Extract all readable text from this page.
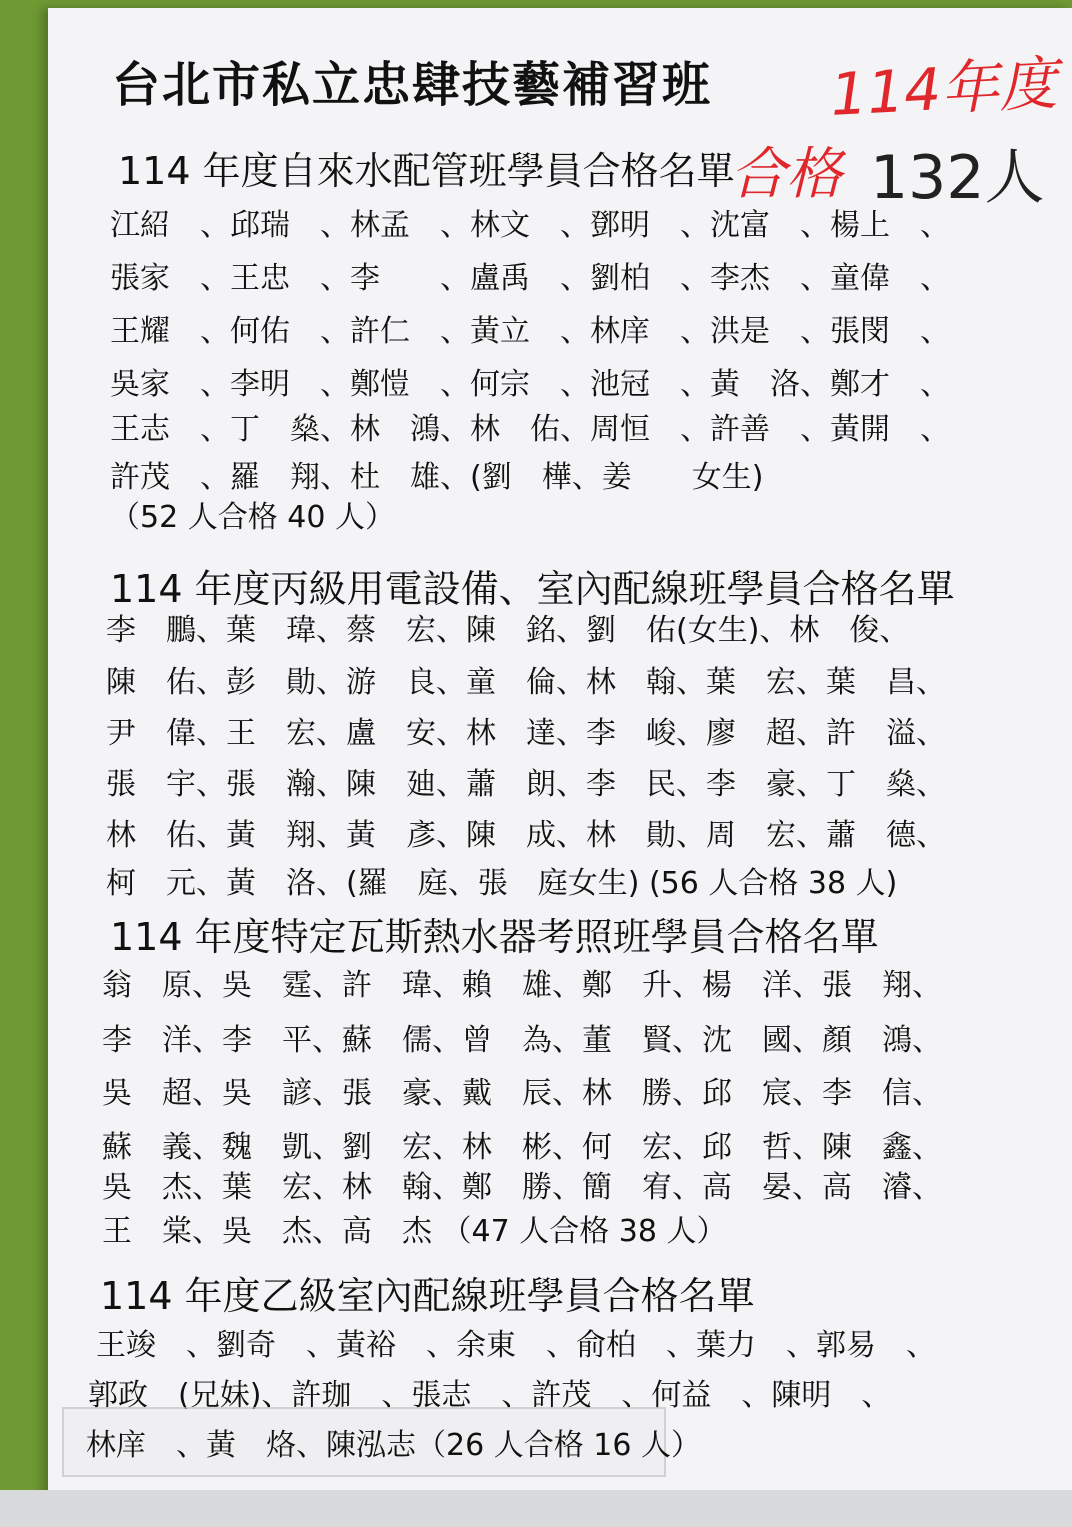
台北市私立忠肆技藝補習班 114年度
合格 132人
114 年度自來水配管班學員合格名單
江紹　、邱瑞　、林孟　、林文　、鄧明　、沈富　、楊上　、
張家　、王忠　、李　　、盧禹　、劉柏　、李杰　、童偉　、
王耀　、何佑　、許仁　、黃立　、林庠　、洪是　、張閔　、
吳家　、李明　、鄭愷　、何宗　、池冠　、黃　洛、鄭才　、
王志　、丁　燊、林　鴻、林　佑、周恒　、許善　、黃開　、
許茂　、羅　翔、杜　雄、(劉　樺、姜　　女生)
（52 人合格 40 人）
114 年度丙級用電設備、室內配線班學員合格名單
李　鵬、葉　瑋、蔡　宏、陳　銘、劉　佑(女生)、林　俊、
陳　佑、彭　勛、游　良、童　倫、林　翰、葉　宏、葉　昌、
尹　偉、王　宏、盧　安、林　達、李　峻、廖　超、許　溢、
張　宇、張　瀚、陳　廸、蕭　朗、李　民、李　豪、丁　燊、
林　佑、黃　翔、黃　彥、陳　成、林　勛、周　宏、蕭　德、
柯　元、黃　洛、(羅　庭、張　庭女生) (56 人合格 38 人)
114 年度特定瓦斯熱水器考照班學員合格名單
翁　原、吳　霆、許　瑋、賴　雄、鄭　升、楊　洋、張　翔、
李　洋、李　平、蘇　儒、曾　為、董　賢、沈　國、顏　鴻、
吳　超、吳　諺、張　豪、戴　辰、林　勝、邱　宸、李　信、
蘇　義、魏　凱、劉　宏、林　彬、何　宏、邱　哲、陳　鑫、
吳　杰、葉　宏、林　翰、鄭　勝、簡　宥、高　晏、高　濬、
王　棠、吳　杰、高　杰 （47 人合格 38 人）
114 年度乙級室內配線班學員合格名單
王竣　、劉奇　、黃裕　、余東　、俞柏　、葉力　、郭易　、
郭政　(兄妹)、許珈　、張志　、許茂　、何益　、陳明　、
林庠　、黃　烙、陳泓志（26 人合格 16 人）
